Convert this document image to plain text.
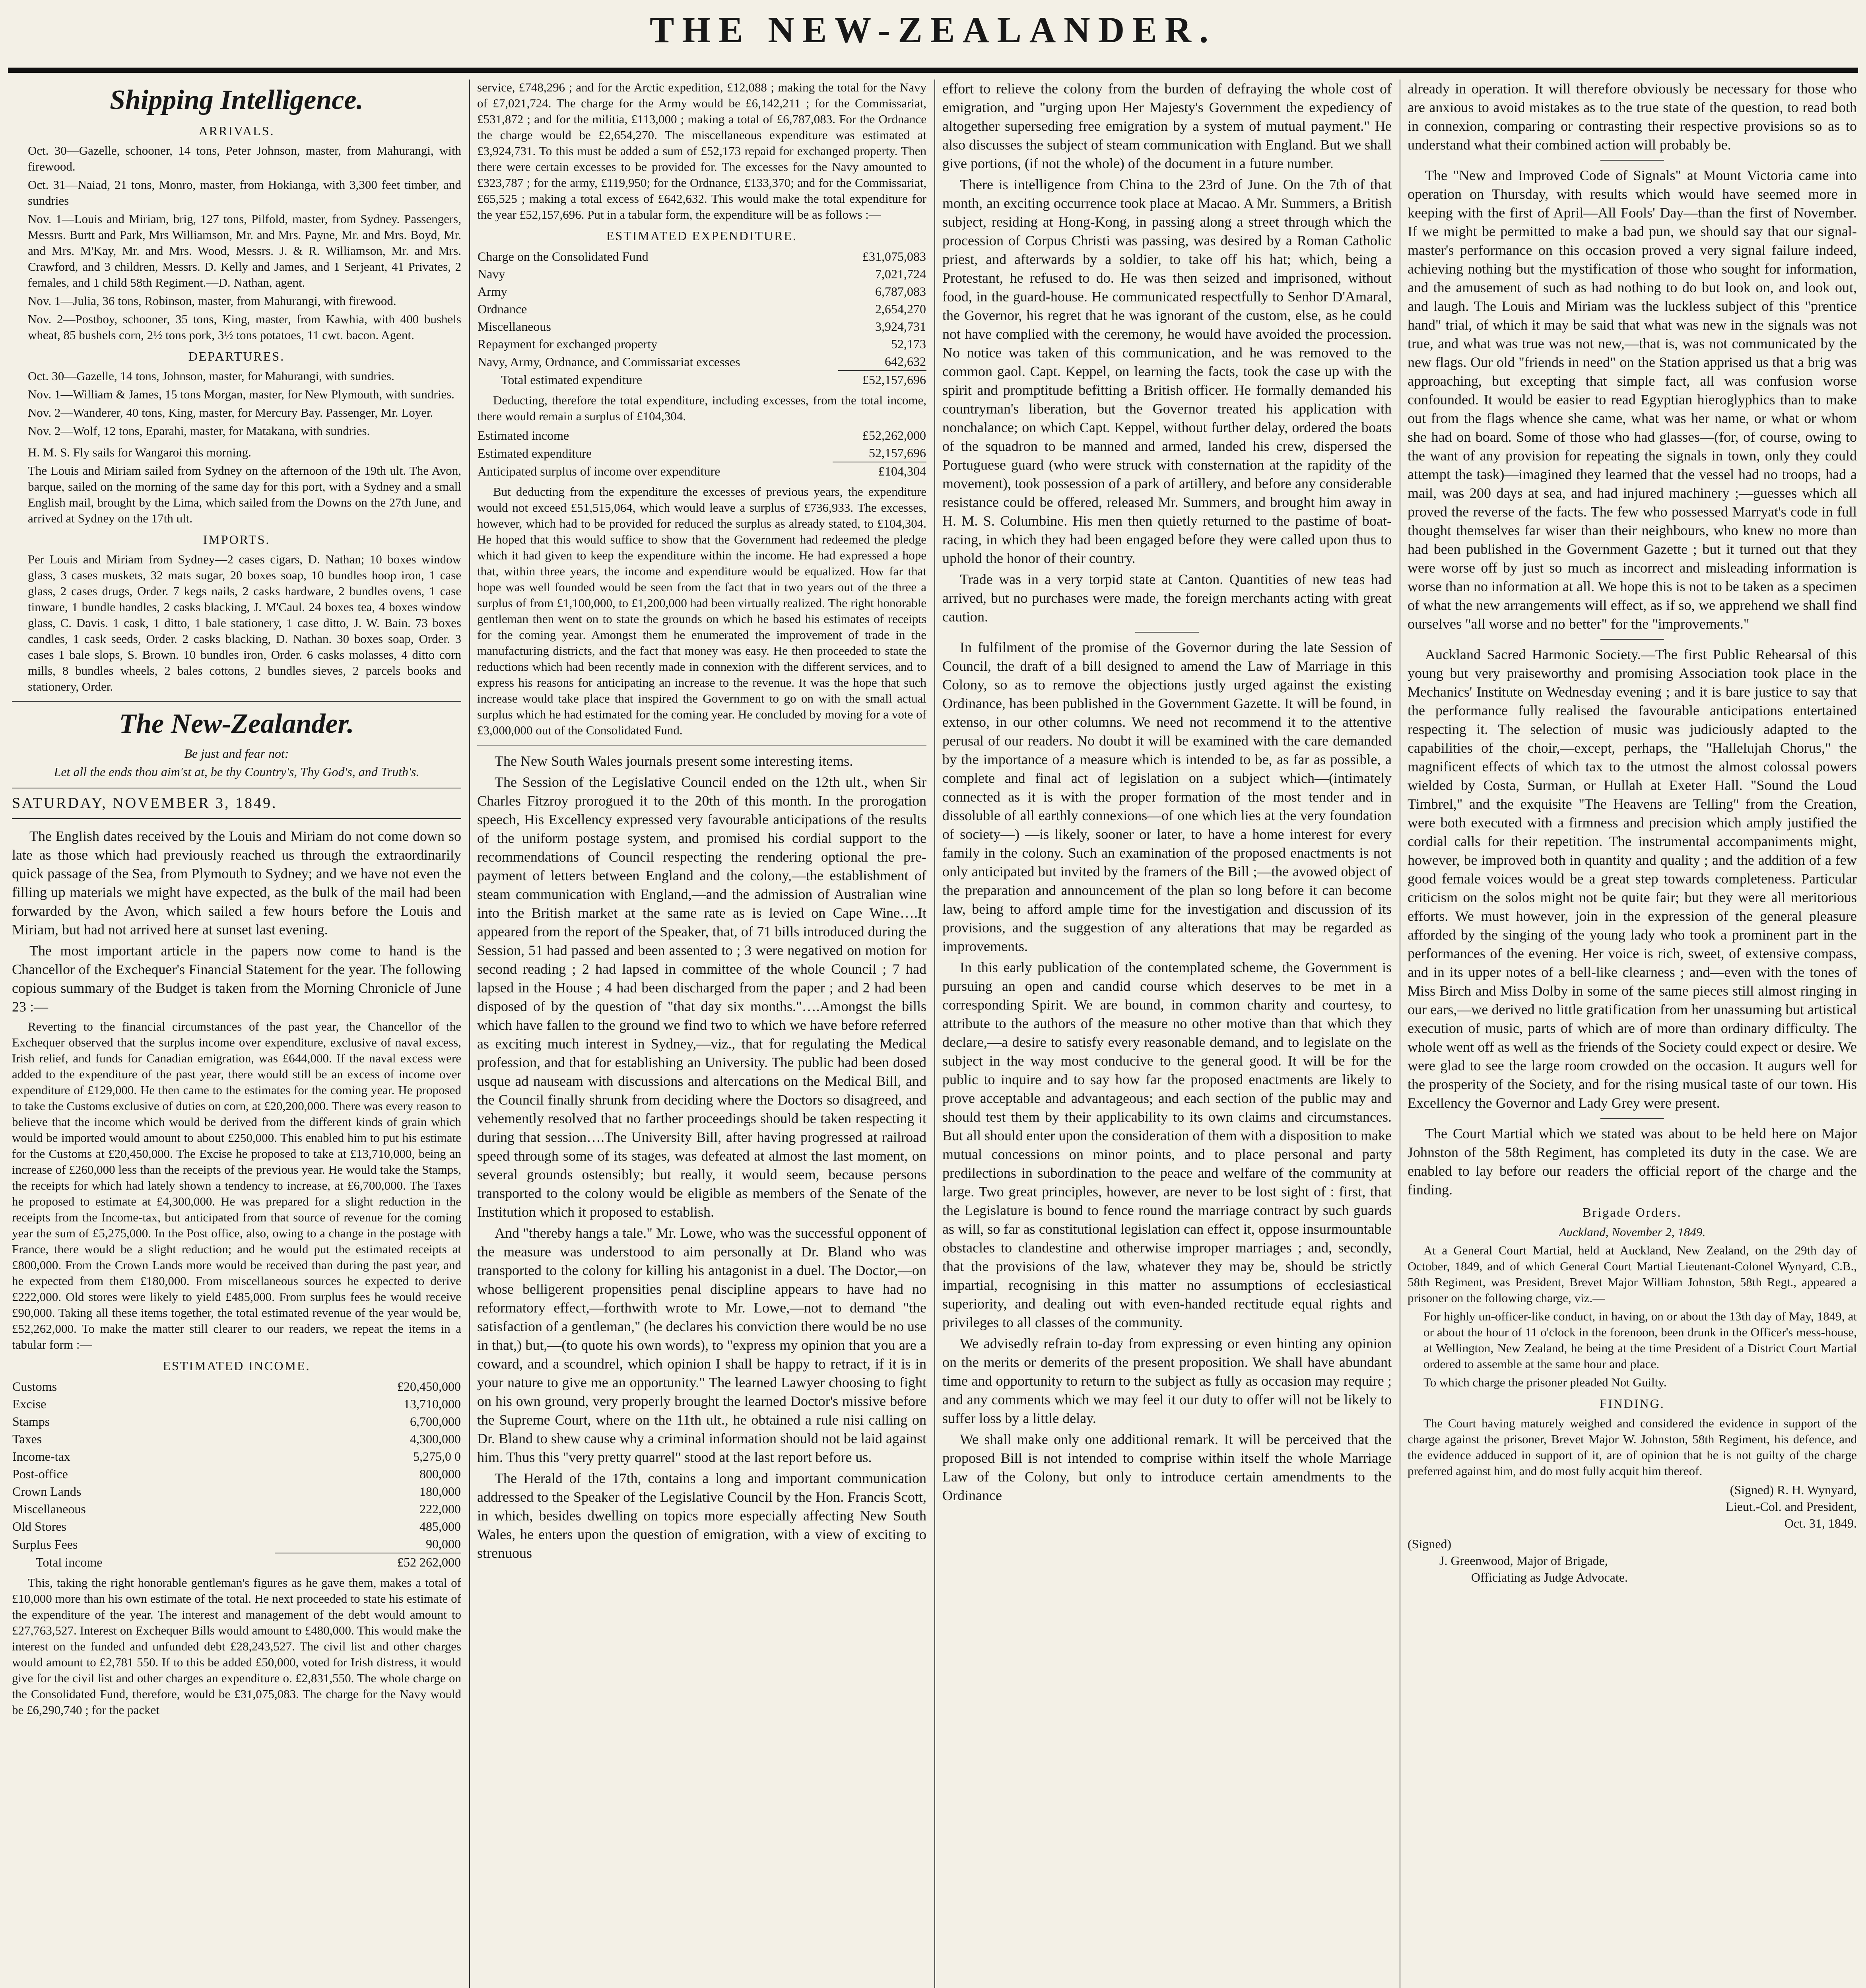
THE NEW-ZEALANDER.
Shipping Intelligence.
ARRIVALS.

Oct. 30—Gazelle, schooner, 14 tons, Peter Johnson, master, from Mahurangi, with firewood.

Oct. 31—Naiad, 21 tons, Monro, master, from Hokianga, with 3,300 feet timber, and sundries

Nov. 1—Louis and Miriam, brig, 127 tons, Pilfold, master, from Sydney. Passengers, Messrs. Burtt and Park, Mrs Williamson, Mr. and Mrs. Payne, Mr. and Mrs. Boyd, Mr. and Mrs. M'Kay, Mr. and Mrs. Wood, Messrs. J. & R. Williamson, Mr. and Mrs. Crawford, and 3 children, Messrs. D. Kelly and James, and 1 Serjeant, 41 Privates, 2 females, and 1 child 58th Regiment.—D. Nathan, agent.

Nov. 1—Julia, 36 tons, Robinson, master, from Mahurangi, with firewood.

Nov. 2—Postboy, schooner, 35 tons, King, master, from Kawhia, with 400 bushels wheat, 85 bushels corn, 2½ tons pork, 3½ tons potatoes, 11 cwt. bacon. Agent.

DEPARTURES.

Oct. 30—Gazelle, 14 tons, Johnson, master, for Mahurangi, with sundries.

Nov. 1—William & James, 15 tons Morgan, master, for New Plymouth, with sundries.

Nov. 2—Wanderer, 40 tons, King, master, for Mercury Bay. Passenger, Mr. Loyer.

Nov. 2—Wolf, 12 tons, Eparahi, master, for Matakana, with sundries.

H. M. S. Fly sails for Wangaroi this morning.

The Louis and Miriam sailed from Sydney on the afternoon of the 19th ult. The Avon, barque, sailed on the morning of the same day for this port, with a Sydney and a small English mail, brought by the Lima, which sailed from the Downs on the 27th June, and arrived at Sydney on the 17th ult.

IMPORTS.

Per Louis and Miriam from Sydney—2 cases cigars, D. Nathan; 10 boxes window glass, 3 cases muskets, 32 mats sugar, 20 boxes soap, 10 bundles hoop iron, 1 case glass, 2 cases drugs, Order. 7 kegs nails, 2 casks hardware, 2 bundles ovens, 1 case tinware, 1 bundle handles, 2 casks blacking, J. M'Caul. 24 boxes tea, 4 boxes window glass, C. Davis. 1 cask, 1 ditto, 1 bale stationery, 1 case ditto, J. W. Bain. 73 boxes candles, 1 cask seeds, Order. 2 casks blacking, D. Nathan. 30 boxes soap, Order. 3 cases 1 bale slops, S. Brown. 10 bundles iron, Order. 6 casks molasses, 4 ditto corn mills, 8 bundles wheels, 2 bales cottons, 2 bundles sieves, 2 parcels books and stationery, Order.

The New-Zealander.
Be just and fear not:
Let all the ends thou aim'st at, be thy Country's, Thy God's, and Truth's.
SATURDAY, NOVEMBER 3, 1849.

The English dates received by the Louis and Miriam do not come down so late as those which had previously reached us through the extraordinarily quick passage of the Sea, from Plymouth to Sydney; and we have not even the filling up materials we might have expected, as the bulk of the mail had been forwarded by the Avon, which sailed a few hours before the Louis and Miriam, but had not arrived here at sunset last evening.

The most important article in the papers now come to hand is the Chancellor of the Exchequer's Financial Statement for the year. The following copious summary of the Budget is taken from the Morning Chronicle of June 23 :—

Reverting to the financial circumstances of the past year, the Chancellor of the Exchequer observed that the surplus income over expenditure, exclusive of naval excess, Irish relief, and funds for Canadian emigration, was £644,000. If the naval excess were added to the expenditure of the past year, there would still be an excess of income over expenditure of £129,000. He then came to the estimates for the coming year. He proposed to take the Customs exclusive of duties on corn, at £20,200,000. There was every reason to believe that the income which would be derived from the different kinds of grain which would be imported would amount to about £250,000. This enabled him to put his estimate for the Customs at £20,450,000. The Excise he proposed to take at £13,710,000, being an increase of £260,000 less than the receipts of the previous year. He would take the Stamps, the receipts for which had lately shown a tendency to increase, at £6,700,000. The Taxes he proposed to estimate at £4,300,000. He was prepared for a slight reduction in the receipts from the Income-tax, but anticipated from that source of revenue for the coming year the sum of £5,275,000. In the Post office, also, owing to a change in the postage with France, there would be a slight reduction; and he would put the estimated receipts at £800,000. From the Crown Lands more would be received than during the past year, and he expected from them £180,000. From miscellaneous sources he expected to derive £222,000. Old stores were likely to yield £485,000. From surplus fees he would receive £90,000. Taking all these items together, the total estimated revenue of the year would be, £52,262,000. To make the matter still clearer to our readers, we repeat the items in a tabular form :—

ESTIMATED INCOME.
Customs	£20,450,000
Excise	13,710,000
Stamps	6,700,000
Taxes	4,300,000
Income-tax	5,275,0 0
Post-office	800,000
Crown Lands	180,000
Miscellaneous	222,000
Old Stores	485,000
Surplus Fees	90,000
Total income	£52 262,000

This, taking the right honorable gentleman's figures as he gave them, makes a total of £10,000 more than his own estimate of the total. He next proceeded to state his estimate of the expenditure of the year. The interest and management of the debt would amount to £27,763,527. Interest on Exchequer Bills would amount to £480,000. This would make the interest on the funded and unfunded debt £28,243,527. The civil list and other charges would amount to £2,781 550. If to this be added £50,000, voted for Irish distress, it would give for the civil list and other charges an expenditure o. £2,831,550. The whole charge on the Consolidated Fund, therefore, would be £31,075,083. The charge for the Navy would be £6,290,740 ; for the packet

service, £748,296 ; and for the Arctic expedition, £12,088 ; making the total for the Navy of £7,021,724. The charge for the Army would be £6,142,211 ; for the Commissariat, £531,872 ; and for the militia, £113,000 ; making a total of £6,787,083. For the Ordnance the charge would be £2,654,270. The miscellaneous expenditure was estimated at £3,924,731. To this must be added a sum of £52,173 repaid for exchanged property. Then there were certain excesses to be provided for. The excesses for the Navy amounted to £323,787 ; for the army, £119,950; for the Ordnance, £133,370; and for the Commissariat, £65,525 ; making a total excess of £642,632. This would make the total expenditure for the year £52,157,696. Put in a tabular form, the expenditure will be as follows :—

ESTIMATED EXPENDITURE.
Charge on the Consolidated Fund	£31,075,083
Navy	7,021,724
Army	6,787,083
Ordnance	2,654,270
Miscellaneous	3,924,731
Repayment for exchanged property	52,173
Navy, Army, Ordnance, and Commissariat excesses	642,632
Total estimated expenditure	£52,157,696

Deducting, therefore the total expenditure, including excesses, from the total income, there would remain a surplus of £104,304.

Estimated income	£52,262,000
Estimated expenditure	52,157,696
Anticipated surplus of income over expenditure	£104,304

But deducting from the expenditure the excesses of previous years, the expenditure would not exceed £51,515,064, which would leave a surplus of £736,933. The excesses, however, which had to be provided for reduced the surplus as already stated, to £104,304. He hoped that this would suffice to show that the Government had redeemed the pledge which it had given to keep the expenditure within the income. He had expressed a hope that, within three years, the income and expenditure would be equalized. How far that hope was well founded would be seen from the fact that in two years out of the three a surplus of from £1,100,000, to £1,200,000 had been virtually realized. The right honorable gentleman then went on to state the grounds on which he based his estimates of receipts for the coming year. Amongst them he enumerated the improvement of trade in the manufacturing districts, and the fact that money was easy. He then proceeded to state the reductions which had been recently made in connexion with the different services, and to express his reasons for anticipating an increase to the revenue. It was the hope that such increase would take place that inspired the Government to go on with the small actual surplus which he had estimated for the coming year. He concluded by moving for a vote of £3,000,000 out of the Consolidated Fund.

The New South Wales journals present some interesting items.

The Session of the Legislative Council ended on the 12th ult., when Sir Charles Fitzroy prorogued it to the 20th of this month. In the prorogation speech, His Excellency expressed very favourable anticipations of the results of the uniform postage system, and promised his cordial support to the recommendations of Council respecting the rendering optional the pre-payment of letters between England and the colony,—the establishment of steam communication with England,—and the admission of Australian wine into the British market at the same rate as is levied on Cape Wine….It appeared from the report of the Speaker, that, of 71 bills introduced during the Session, 51 had passed and been assented to ; 3 were negatived on motion for second reading ; 2 had lapsed in committee of the whole Council ; 7 had lapsed in the House ; 4 had been discharged from the paper ; and 2 had been disposed of by the question of "that day six months."….Amongst the bills which have fallen to the ground we find two to which we have before referred as exciting much interest in Sydney,—viz., that for regulating the Medical profession, and that for establishing an University. The public had been dosed usque ad nauseam with discussions and altercations on the Medical Bill, and the Council finally shrunk from deciding where the Doctors so disagreed, and vehemently resolved that no farther proceedings should be taken respecting it during that session….The University Bill, after having progressed at railroad speed through some of its stages, was defeated at almost the last moment, on several grounds ostensibly; but really, it would seem, because persons transported to the colony would be eligible as members of the Senate of the Institution which it proposed to establish.

And "thereby hangs a tale." Mr. Lowe, who was the successful opponent of the measure was understood to aim personally at Dr. Bland who was transported to the colony for killing his antagonist in a duel. The Doctor,—on whose belligerent propensities penal discipline appears to have had no reformatory effect,—forthwith wrote to Mr. Lowe,—not to demand "the satisfaction of a gentleman," (he declares his conviction there would be no use in that,) but,—(to quote his own words), to "express my opinion that you are a coward, and a scoundrel, which opinion I shall be happy to retract, if it is in your nature to give me an opportunity." The learned Lawyer choosing to fight on his own ground, very properly brought the learned Doctor's missive before the Supreme Court, where on the 11th ult., he obtained a rule nisi calling on Dr. Bland to shew cause why a criminal information should not be laid against him. Thus this "very pretty quarrel" stood at the last report before us.

The Herald of the 17th, contains a long and important communication addressed to the Speaker of the Legislative Council by the Hon. Francis Scott, in which, besides dwelling on topics more especially affecting New South Wales, he enters upon the question of emigration, with a view of exciting to strenuous

effort to relieve the colony from the burden of defraying the whole cost of emigration, and "urging upon Her Majesty's Government the expediency of altogether superseding free emigration by a system of mutual payment." He also discusses the subject of steam communication with England. But we shall give portions, (if not the whole) of the document in a future number.

There is intelligence from China to the 23rd of June. On the 7th of that month, an exciting occurrence took place at Macao. A Mr. Summers, a British subject, residing at Hong-Kong, in passing along a street through which the procession of Corpus Christi was passing, was desired by a Roman Catholic priest, and afterwards by a soldier, to take off his hat; which, being a Protestant, he refused to do. He was then seized and imprisoned, without food, in the guard-house. He communicated respectfully to Senhor D'Amaral, the Governor, his regret that he was ignorant of the custom, else, as he could not have complied with the ceremony, he would have avoided the procession. No notice was taken of this communication, and he was removed to the common gaol. Capt. Keppel, on learning the facts, took the case up with the spirit and promptitude befitting a British officer. He formally demanded his countryman's liberation, but the Governor treated his application with nonchalance; on which Capt. Keppel, without further delay, ordered the boats of the squadron to be manned and armed, landed his crew, dispersed the Portuguese guard (who were struck with consternation at the rapidity of the movement), took possession of a park of artillery, and before any considerable resistance could be offered, released Mr. Summers, and brought him away in H. M. S. Columbine. His men then quietly returned to the pastime of boat-racing, in which they had been engaged before they were called upon thus to uphold the honor of their country.

Trade was in a very torpid state at Canton. Quantities of new teas had arrived, but no purchases were made, the foreign merchants acting with great caution.

In fulfilment of the promise of the Governor during the late Session of Council, the draft of a bill designed to amend the Law of Marriage in this Colony, so as to remove the objections justly urged against the existing Ordinance, has been published in the Government Gazette. It will be found, in extenso, in our other columns. We need not recommend it to the attentive perusal of our readers. No doubt it will be examined with the care demanded by the importance of a measure which is intended to be, as far as possible, a complete and final act of legislation on a subject which—(intimately connected as it is with the proper formation of the most tender and in dissoluble of all earthly connexions—of one which lies at the very foundation of society—) —is likely, sooner or later, to have a home interest for every family in the colony. Such an examination of the proposed enactments is not only anticipated but invited by the framers of the Bill ;—the avowed object of the preparation and announcement of the plan so long before it can become law, being to afford ample time for the investigation and discussion of its provisions, and the suggestion of any alterations that may be regarded as improvements.

In this early publication of the contemplated scheme, the Government is pursuing an open and candid course which deserves to be met in a corresponding Spirit. We are bound, in common charity and courtesy, to attribute to the authors of the measure no other motive than that which they declare,—a desire to satisfy every reasonable demand, and to legislate on the subject in the way most conducive to the general good. It will be for the public to inquire and to say how far the proposed enactments are likely to prove acceptable and advantageous; and each section of the public may and should test them by their applicability to its own claims and circumstances. But all should enter upon the consideration of them with a disposition to make mutual concessions on minor points, and to place personal and party predilections in subordination to the peace and welfare of the community at large. Two great principles, however, are never to be lost sight of : first, that the Legislature is bound to fence round the marriage contract by such guards as will, so far as constitutional legislation can effect it, oppose insurmountable obstacles to clandestine and otherwise improper marriages ; and, secondly, that the provisions of the law, whatever they may be, should be strictly impartial, recognising in this matter no assumptions of ecclesiastical superiority, and dealing out with even-handed rectitude equal rights and privileges to all classes of the community.

We advisedly refrain to-day from expressing or even hinting any opinion on the merits or demerits of the present proposition. We shall have abundant time and opportunity to return to the subject as fully as occasion may require ; and any comments which we may feel it our duty to offer will not be likely to suffer loss by a little delay.

We shall make only one additional remark. It will be perceived that the proposed Bill is not intended to comprise within itself the whole Marriage Law of the Colony, but only to introduce certain amendments to the Ordinance

already in operation. It will therefore obviously be necessary for those who are anxious to avoid mistakes as to the true state of the question, to read both in connexion, comparing or contrasting their respective provisions so as to understand what their combined action will probably be.

The "New and Improved Code of Signals" at Mount Victoria came into operation on Thursday, with results which would have seemed more in keeping with the first of April—All Fools' Day—than the first of November. If we might be permitted to make a bad pun, we should say that our signal-master's performance on this occasion proved a very signal failure indeed, achieving nothing but the mystification of those who sought for information, and the amusement of such as had nothing to do but look on, and look out, and laugh. The Louis and Miriam was the luckless subject of this "prentice hand" trial, of which it may be said that what was new in the signals was not true, and what was true was not new,—that is, was not communicated by the new flags. Our old "friends in need" on the Station apprised us that a brig was approaching, but excepting that simple fact, all was confusion worse confounded. It would be easier to read Egyptian hieroglyphics than to make out from the flags whence she came, what was her name, or what or whom she had on board. Some of those who had glasses—(for, of course, owing to the want of any provision for repeating the signals in town, only they could attempt the task)—imagined they learned that the vessel had no troops, had a mail, was 200 days at sea, and had injured machinery ;—guesses which all proved the reverse of the facts. The few who possessed Marryat's code in full thought themselves far wiser than their neighbours, who knew no more than had been published in the Government Gazette ; but it turned out that they were worse off by just so much as incorrect and misleading information is worse than no information at all. We hope this is not to be taken as a specimen of what the new arrangements will effect, as if so, we apprehend we shall find ourselves "all worse and no better" for the "improvements."

Auckland Sacred Harmonic Society.—The first Public Rehearsal of this young but very praiseworthy and promising Association took place in the Mechanics' Institute on Wednesday evening ; and it is bare justice to say that the performance fully realised the favourable anticipations entertained respecting it. The selection of music was judiciously adapted to the capabilities of the choir,—except, perhaps, the "Hallelujah Chorus," the magnificent effects of which tax to the utmost the almost colossal powers wielded by Costa, Surman, or Hullah at Exeter Hall. "Sound the Loud Timbrel," and the exquisite "The Heavens are Telling" from the Creation, were both executed with a firmness and precision which amply justified the cordial calls for their repetition. The instrumental accompaniments might, however, be improved both in quantity and quality ; and the addition of a few good female voices would be a great step towards completeness. Particular criticism on the solos might not be quite fair; but they were all meritorious efforts. We must however, join in the expression of the general pleasure afforded by the singing of the young lady who took a prominent part in the performances of the evening. Her voice is rich, sweet, of extensive compass, and in its upper notes of a bell-like clearness ; and—even with the tones of Miss Birch and Miss Dolby in some of the same pieces still almost ringing in our ears,—we derived no little gratification from her unassuming but artistical execution of music, parts of which are of more than ordinary difficulty. The whole went off as well as the friends of the Society could expect or desire. We were glad to see the large room crowded on the occasion. It augurs well for the prosperity of the Society, and for the rising musical taste of our town. His Excellency the Governor and Lady Grey were present.

The Court Martial which we stated was about to be held here on Major Johnston of the 58th Regiment, has completed its duty in the case. We are enabled to lay before our readers the official report of the charge and the finding.

Brigade Orders.

Auckland, November 2, 1849.

At a General Court Martial, held at Auckland, New Zealand, on the 29th day of October, 1849, and of which General Court Martial Lieutenant-Colonel Wynyard, C.B., 58th Regiment, was President, Brevet Major William Johnston, 58th Regt., appeared a prisoner on the following charge, viz.—

For highly un-officer-like conduct, in having, on or about the 13th day of May, 1849, at or about the hour of 11 o'clock in the forenoon, been drunk in the Officer's mess-house, at Wellington, New Zealand, he being at the time President of a District Court Martial ordered to assemble at the same hour and place.

To which charge the prisoner pleaded Not Guilty.

FINDING.

The Court having maturely weighed and considered the evidence in support of the charge against the prisoner, Brevet Major W. Johnston, 58th Regiment, his defence, and the evidence adduced in support of it, are of opinion that he is not guilty of the charge preferred against him, and do most fully acquit him thereof.

(Signed) R. H. Wynyard,
Lieut.-Col. and President,
Oct. 31, 1849.
(Signed)
J. Greenwood, Major of Brigade,
Officiating as Judge Advocate.
